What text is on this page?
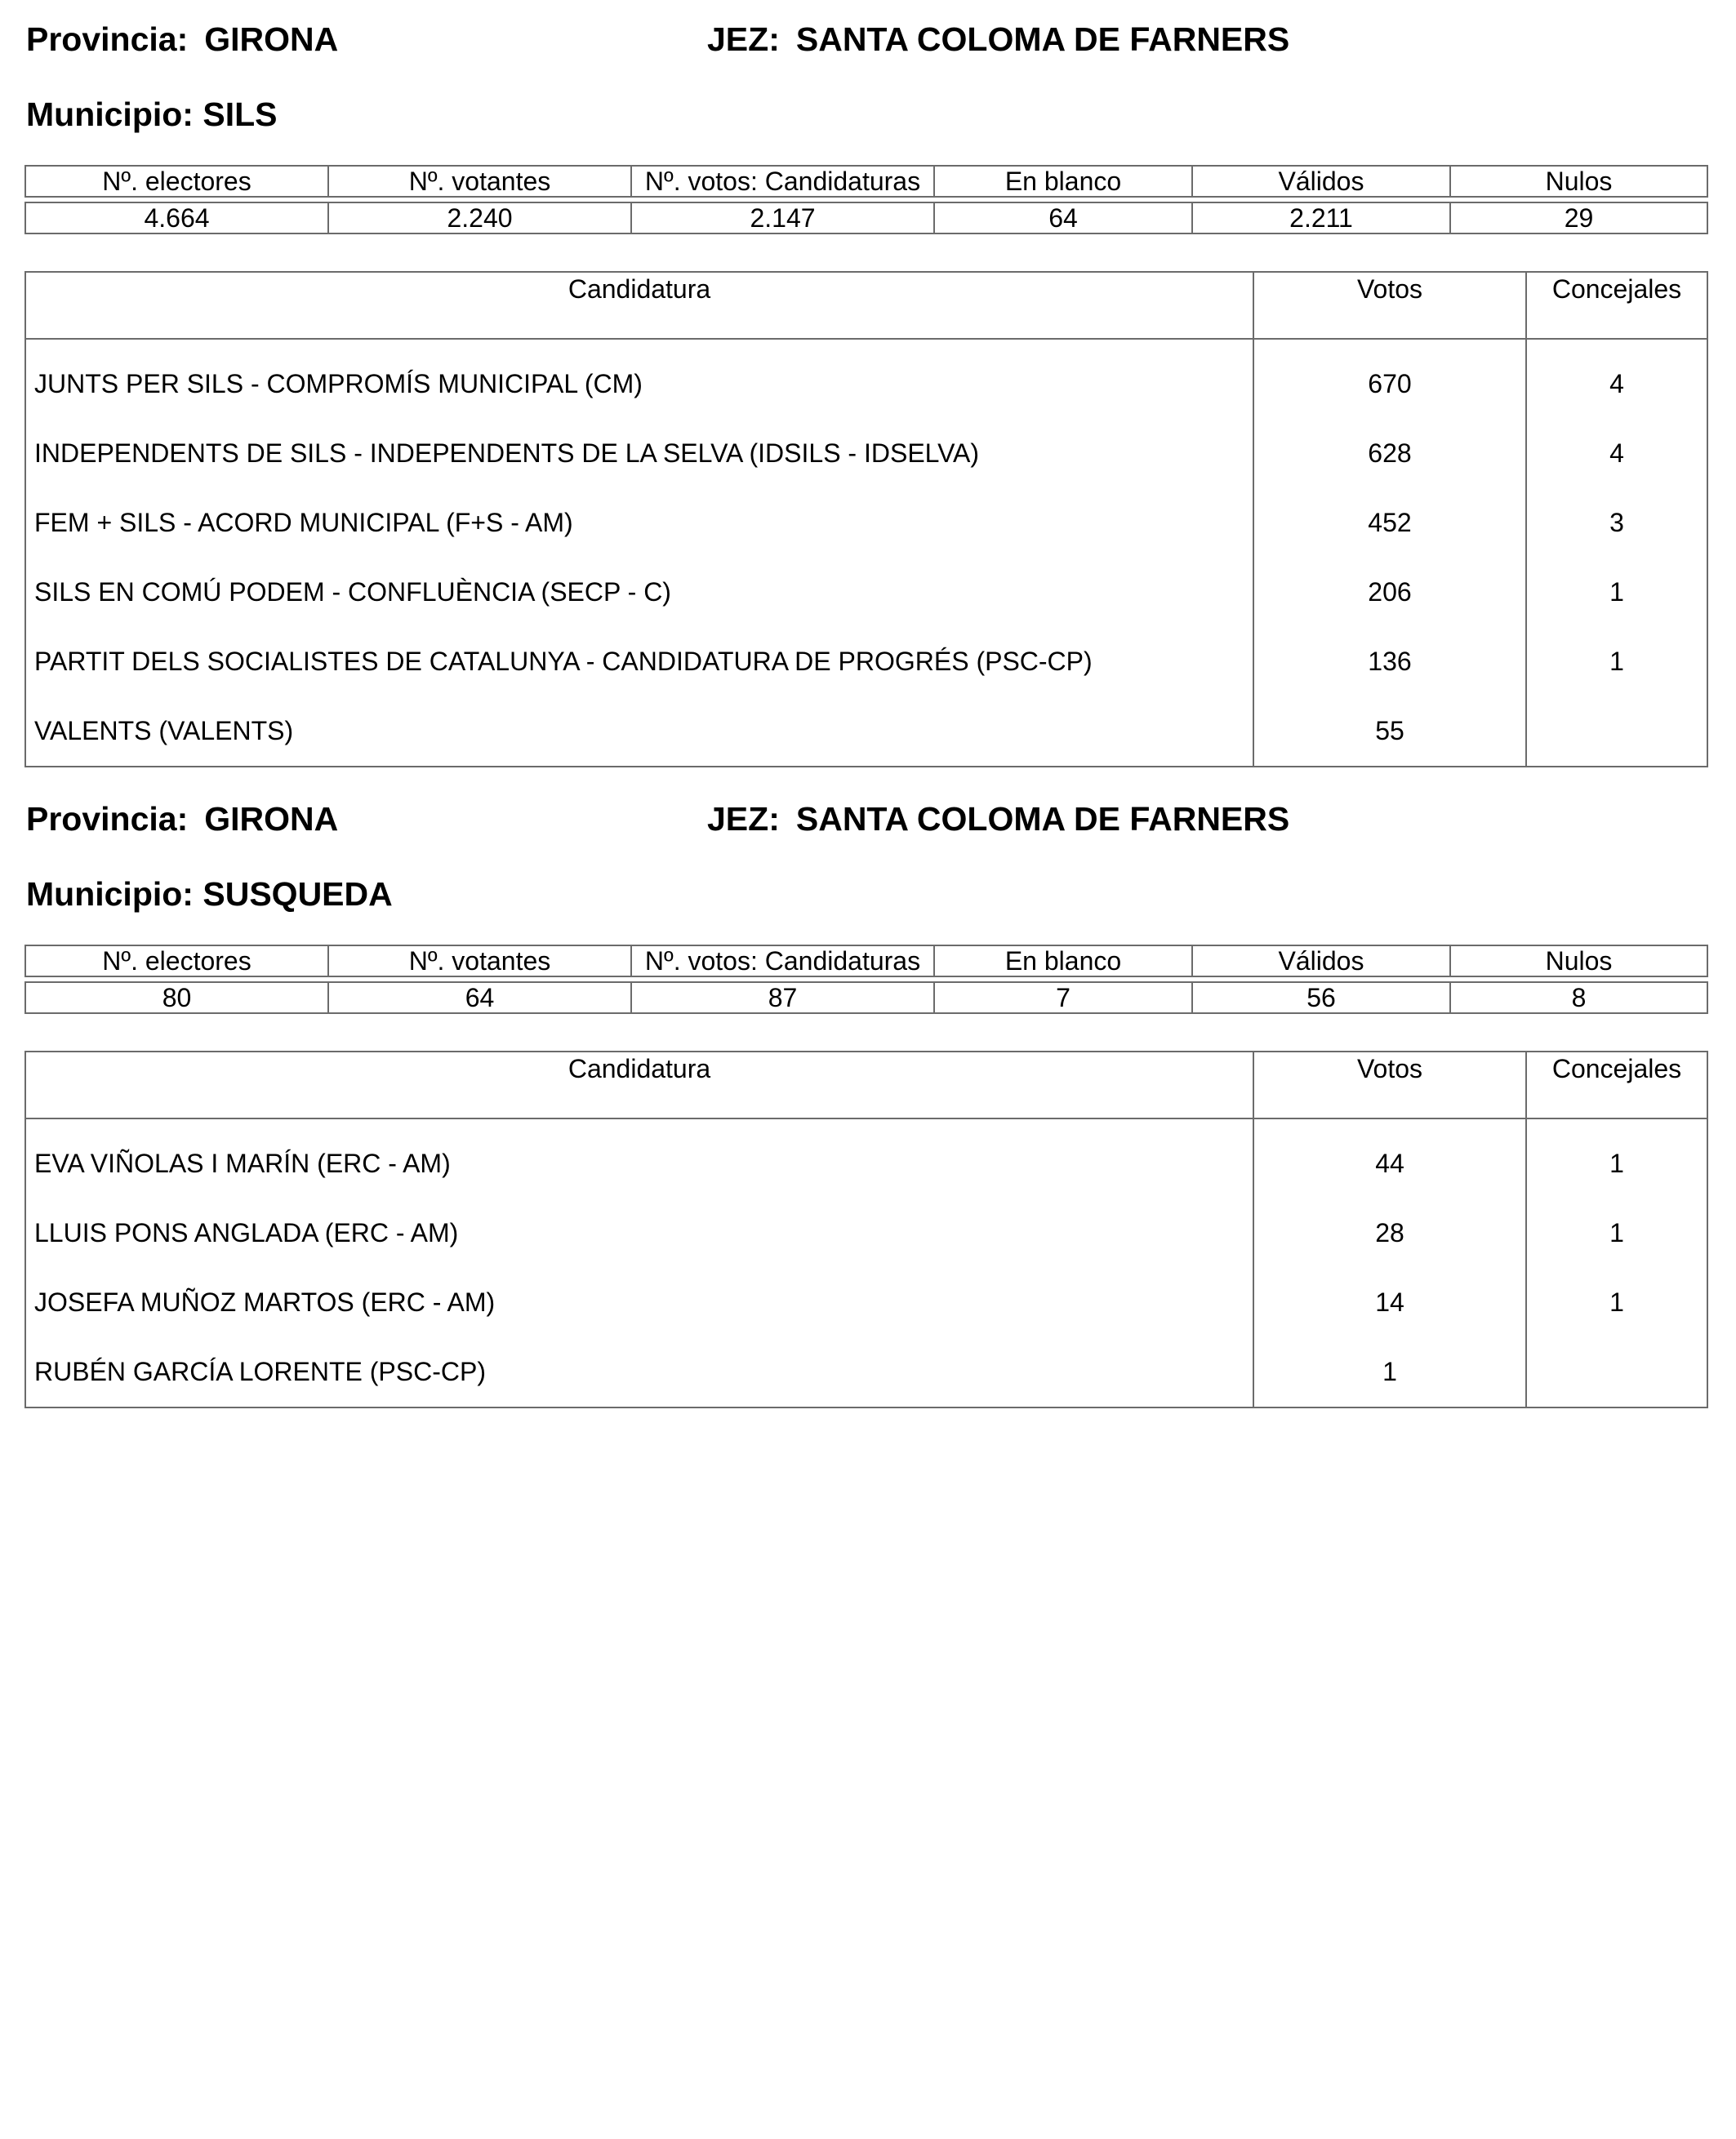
Provincia: GIRONA	JEZ: SANTA COLOMA DE FARNERS
Municipio: SILS
Nº. electores	Nº. votantes	Nº. votos: Candidaturas	En blanco	Válidos	Nulos

4.664	2.240	2.147	64	2.211	29
Candidatura	Votos	Concejales
JUNTS PER SILS - COMPROMÍS MUNICIPAL (CM)	670	4
INDEPENDENTS DE SILS - INDEPENDENTS DE LA SELVA (IDSILS - IDSELVA)	628	4
FEM + SILS - ACORD MUNICIPAL (F+S - AM)	452	3
SILS EN COMÚ PODEM - CONFLUÈNCIA (SECP - C)	206	1
PARTIT DELS SOCIALISTES DE CATALUNYA - CANDIDATURA DE PROGRÉS (PSC-CP)	136	1
VALENTS (VALENTS)	55	
Provincia: GIRONA	JEZ: SANTA COLOMA DE FARNERS
Municipio: SUSQUEDA
Nº. electores	Nº. votantes	Nº. votos: Candidaturas	En blanco	Válidos	Nulos

80	64	87	7	56	8
Candidatura	Votos	Concejales
EVA VIÑOLAS I MARÍN (ERC - AM)	44	1
LLUIS PONS ANGLADA (ERC - AM)	28	1
JOSEFA MUÑOZ MARTOS (ERC - AM)	14	1
RUBÉN GARCÍA LORENTE (PSC-CP)	1	
